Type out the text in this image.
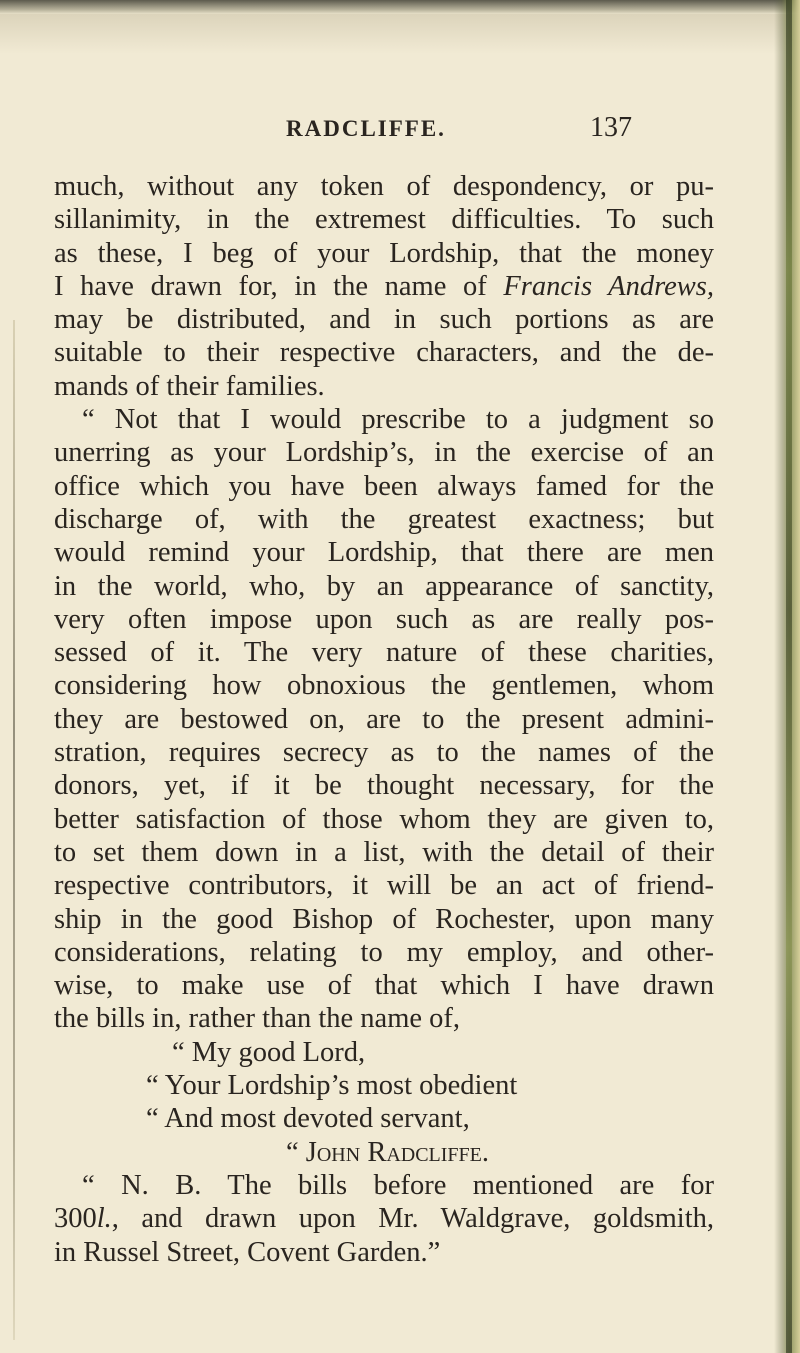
RADCLIFFE.	137
much, without any token of despondency, or pu-
sillanimity, in the extremest difficulties. To such
as these, I beg of your Lordship, that the money
I have drawn for, in the name of Francis Andrews,
may be distributed, and in such portions as are
suitable to their respective characters, and the de-
mands of their families.
“ Not that I would prescribe to a judgment so
unerring as your Lordship’s, in the exercise of an
office which you have been always famed for the
discharge of, with the greatest exactness; but
would remind your Lordship, that there are men
in the world, who, by an appearance of sanctity,
very often impose upon such as are really pos-
sessed of it. The very nature of these charities,
considering how obnoxious the gentlemen, whom
they are bestowed on, are to the present admini-
stration, requires secrecy as to the names of the
donors, yet, if it be thought necessary, for the
better satisfaction of those whom they are given to,
to set them down in a list, with the detail of their
respective contributors, it will be an act of friend-
ship in the good Bishop of Rochester, upon many
considerations, relating to my employ, and other-
wise, to make use of that which I have drawn
the bills in, rather than the name of,
“ My good Lord,
“ Your Lordship’s most obedient
“ And most devoted servant,
“ John Radcliffe.
“ N. B. The bills before mentioned are for
300l., and drawn upon Mr. Waldgrave, goldsmith,
in Russel Street, Covent Garden.”
